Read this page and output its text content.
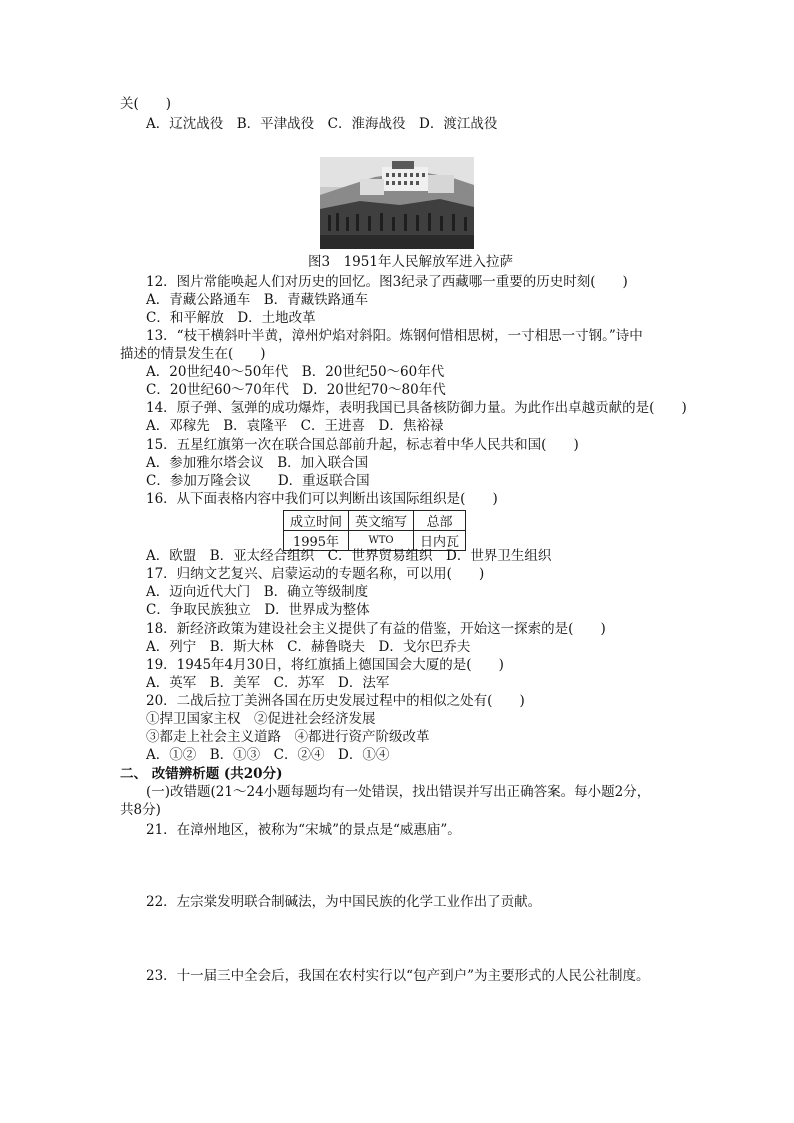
关(　　)
A．辽沈战役　B．平津战役　C．淮海战役　D．渡江战役
图3　1951年人民解放军进入拉萨
12．图片常能唤起人们对历史的回忆。图3纪录了西藏哪一重要的历史时刻(　　)
A．青藏公路通车　B．青藏铁路通车
C．和平解放　D．土地改革
13．“枝干横斜叶半黄，漳州炉焰对斜阳。炼钢何惜相思树，一寸相思一寸钢。”诗中
描述的情景发生在(　　)
A．20世纪40～50年代　B．20世纪50～60年代
C．20世纪60～70年代　D．20世纪70～80年代
14．原子弹、氢弹的成功爆炸，表明我国已具备核防御力量。为此作出卓越贡献的是(　　)
A．邓稼先　B．袁隆平　C．王进喜　D．焦裕禄
15．五星红旗第一次在联合国总部前升起，标志着中华人民共和国(　　)
A．参加雅尔塔会议　B．加入联合国
C．参加万隆会议　　D．重返联合国
16．从下面表格内容中我们可以判断出该国际组织是(　　)
成立时间	英文缩写	总部
1995年	WTO	日内瓦
A．欧盟　B．亚太经合组织　C．世界贸易组织　D．世界卫生组织
17．归纳文艺复兴、启蒙运动的专题名称，可以用(　　)
A．迈向近代大门　B．确立等级制度
C．争取民族独立　D．世界成为整体
18．新经济政策为建设社会主义提供了有益的借鉴，开始这一探索的是(　　)
A．列宁　B．斯大林　C．赫鲁晓夫　D．戈尔巴乔夫
19．1945年4月30日，将红旗插上德国国会大厦的是(　　)
A．英军　B．美军　C．苏军　D．法军
20．二战后拉丁美洲各国在历史发展过程中的相似之处有(　　)
①捍卫国家主权　②促进社会经济发展
③都走上社会主义道路　④都进行资产阶级改革
A．①②　B．①③　C．②④　D．①④
二、 改错辨析题 (共20分)
(一)改错题(21～24小题每题均有一处错误，找出错误并写出正确答案。每小题2分，
共8分)
21．在漳州地区，被称为“宋城”的景点是“威惠庙”。
22．左宗棠发明联合制碱法，为中国民族的化学工业作出了贡献。
23．十一届三中全会后，我国在农村实行以“包产到户”为主要形式的人民公社制度。
